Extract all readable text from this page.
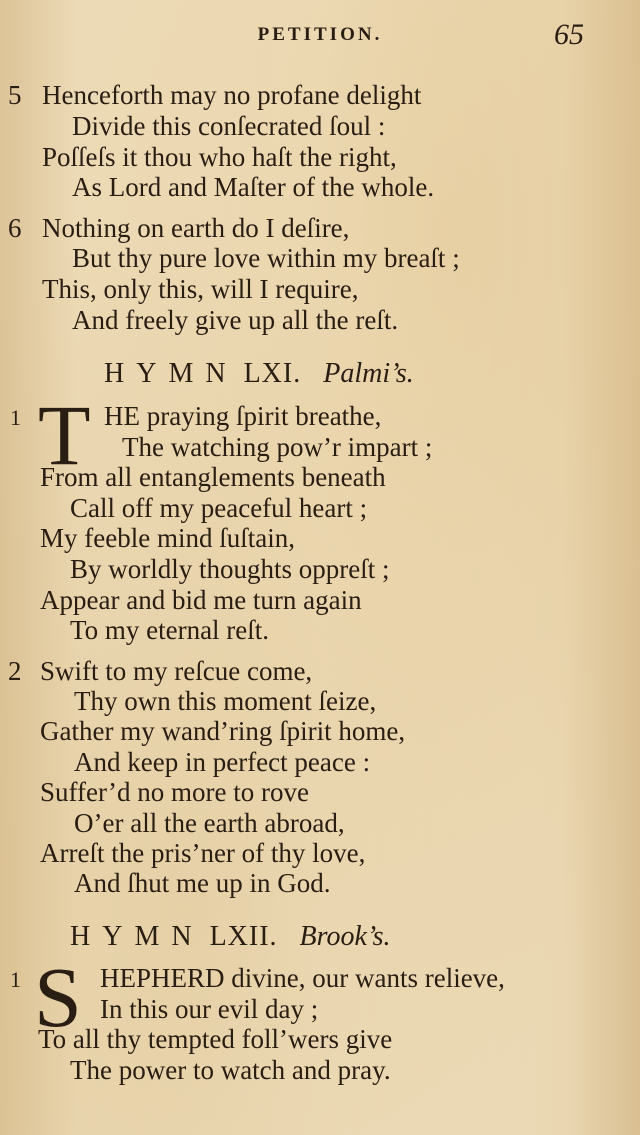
PETITION.	65
5 Henceforth may no profane delight
Divide this conſecrated ſoul :
Poſſeſs it thou who haſt the right,
As Lord and Maſter of the whole.
6 Nothing on earth do I deſire,
But thy pure love within my breaſt ;
This, only this, will I require,
And freely give up all the reſt.
HYMN LXI. Palmi’s.
1 T HE praying ſpirit breathe,
The watching pow’r impart ;
From all entanglements beneath
Call off my peaceful heart ;
My feeble mind ſuſtain,
By worldly thoughts oppreſt ;
Appear and bid me turn again
To my eternal reſt.
2 Swift to my reſcue come,
Thy own this moment ſeize,
Gather my wand’ring ſpirit home,
And keep in perfect peace :
Suffer’d no more to rove
O’er all the earth abroad,
Arreſt the pris’ner of thy love,
And ſhut me up in God.
HYMN LXII. Brook’s.
1 S HEPHERD divine, our wants relieve,
In this our evil day ;
To all thy tempted foll’wers give
The power to watch and pray.
